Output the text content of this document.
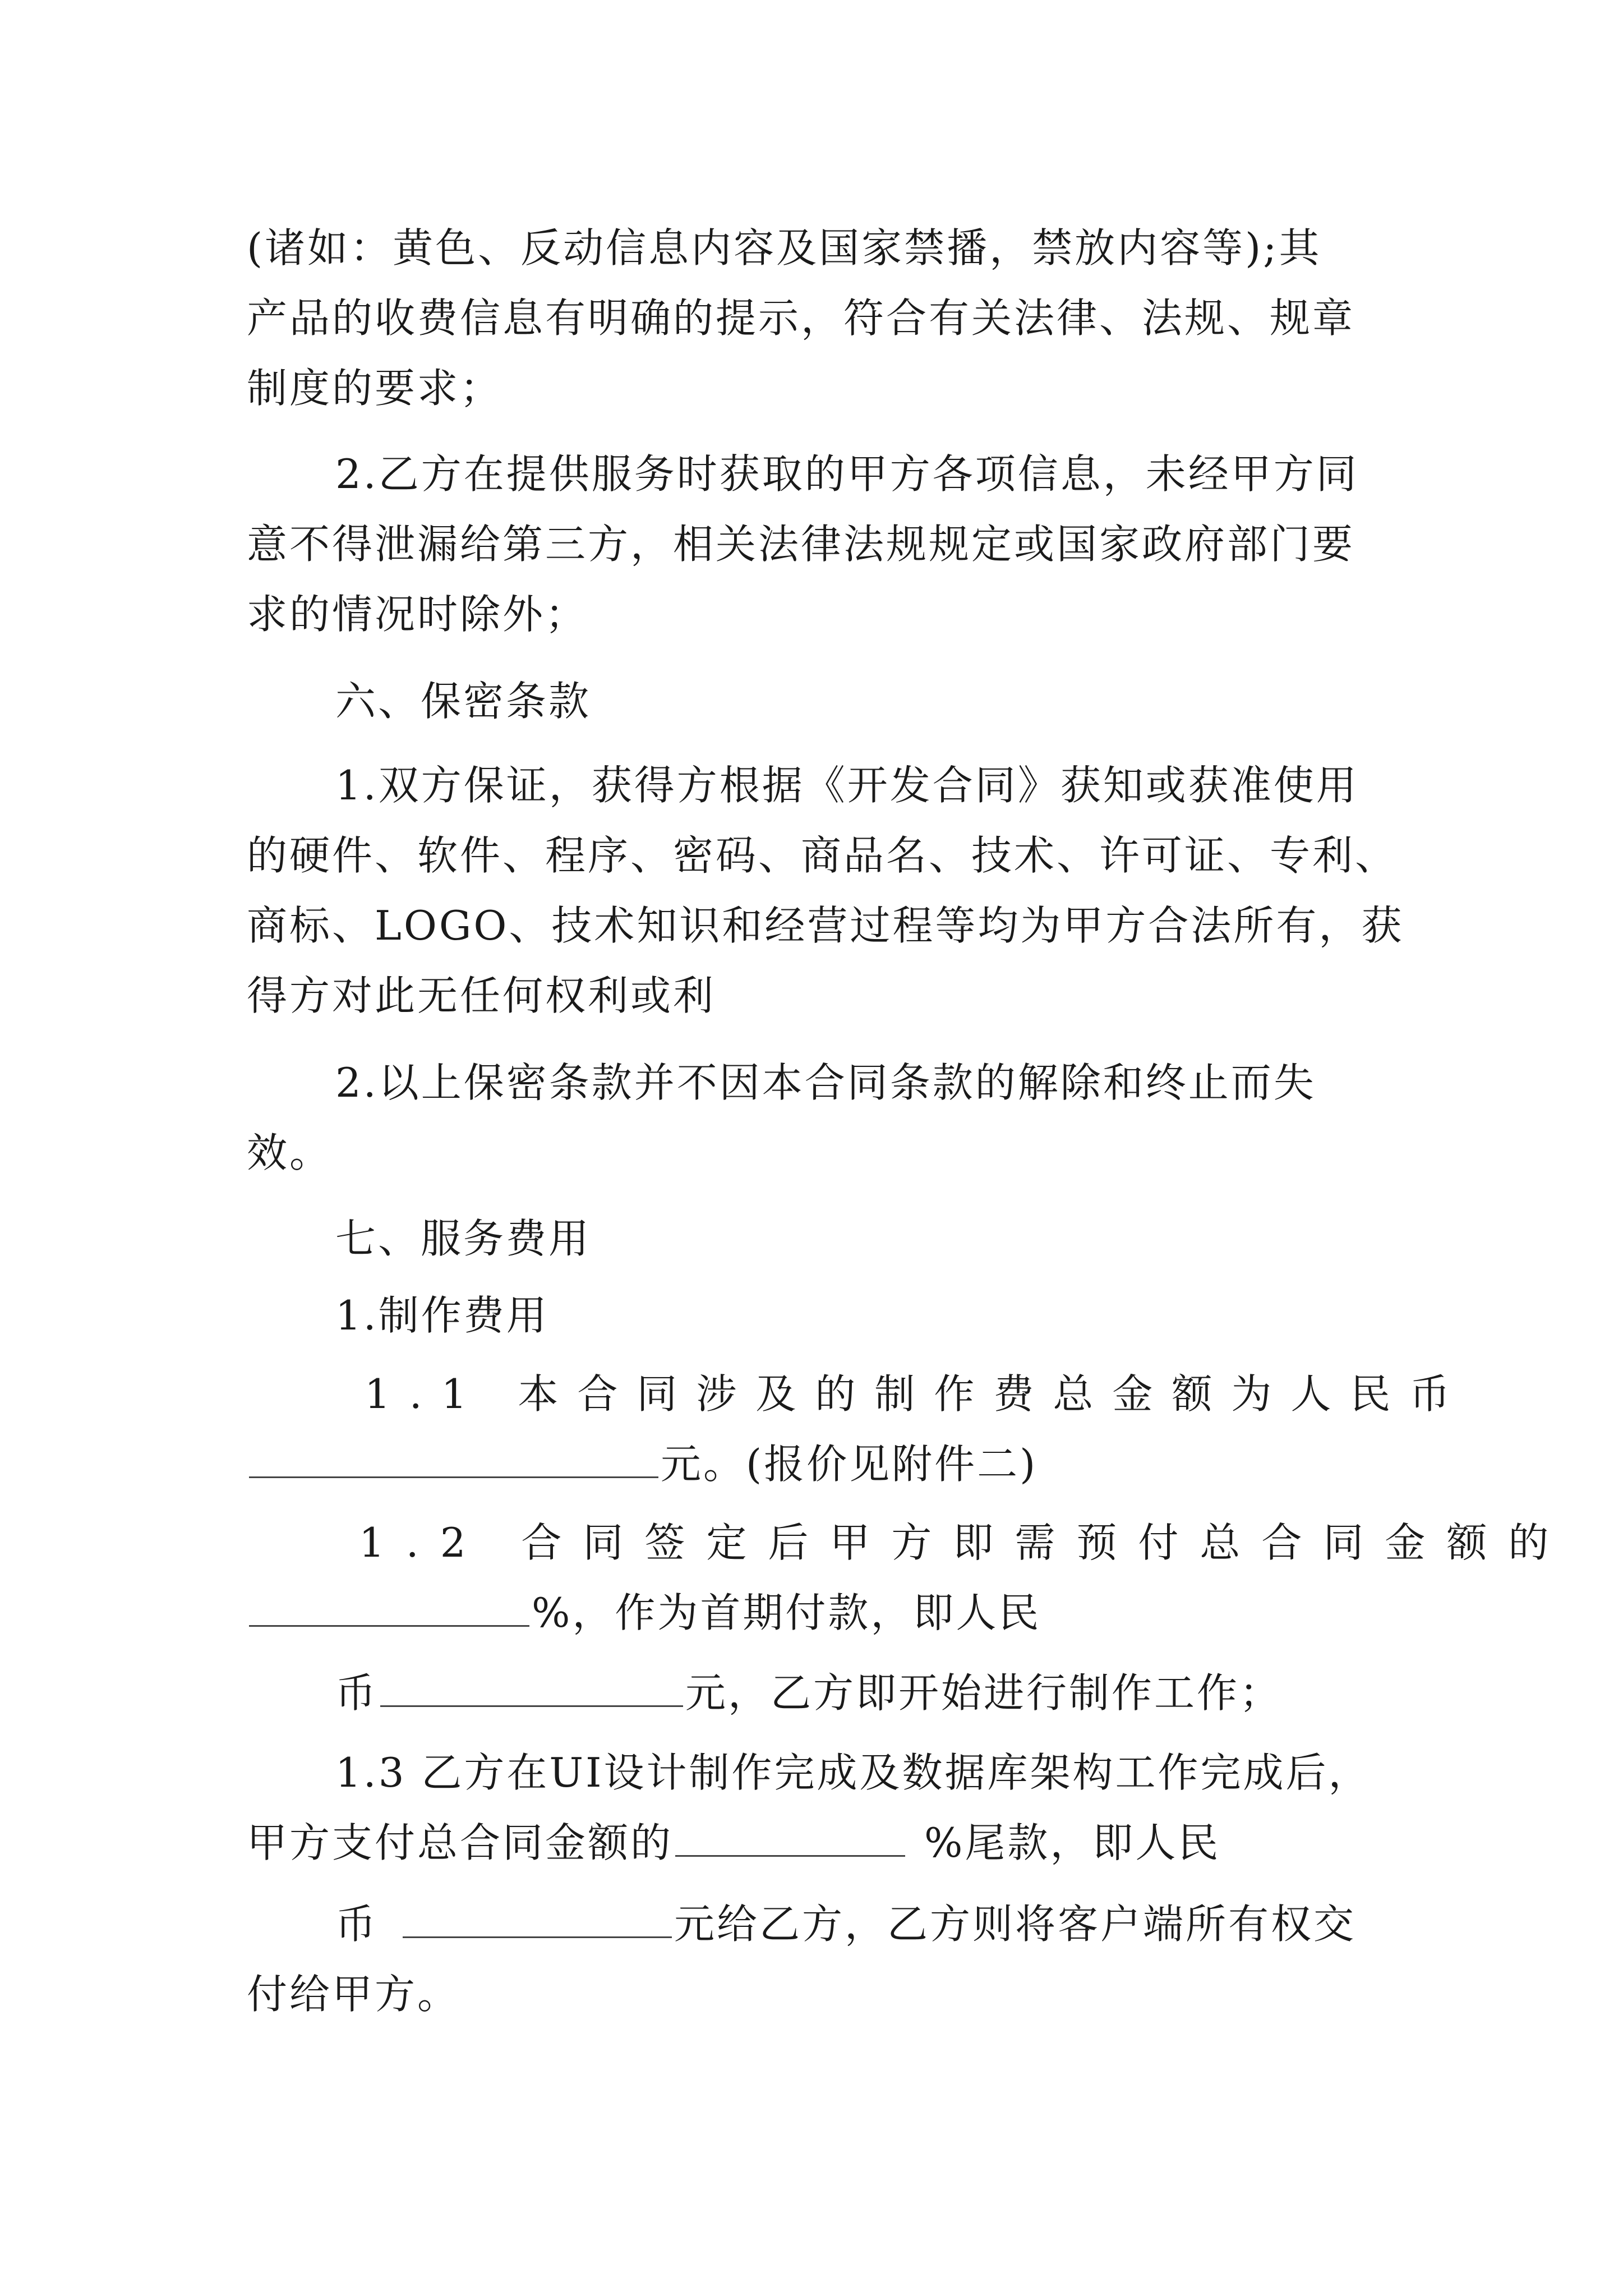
(诸如：黄色、反动信息内容及国家禁播，禁放内容等);其
产品的收费信息有明确的提示，符合有关法律、法规、规章
制度的要求；
2.乙方在提供服务时获取的甲方各项信息，未经甲方同
意不得泄漏给第三方，相关法律法规规定或国家政府部门要
求的情况时除外；
六、保密条款
1.双方保证，获得方根据《开发合同》获知或获准使用
的硬件、软件、程序、密码、商品名、技术、许可证、专利、
商标、LOGO、技术知识和经营过程等均为甲方合法所有，获
得方对此无任何权利或利
2.以上保密条款并不因本合同条款的解除和终止而失
效。
七、服务费用
1.制作费用
1.1 本合同涉及的制作费总金额为人民币
元。(报价见附件二)
1.2 合同签定后甲方即需预付总合同金额的
%，作为首期付款，即人民
币	元，乙方即开始进行制作工作；
1.3 乙方在UI设计制作完成及数据库架构工作完成后，
甲方支付总合同金额的	%尾款，即人民
币	元给乙方，乙方则将客户端所有权交
付给甲方。
